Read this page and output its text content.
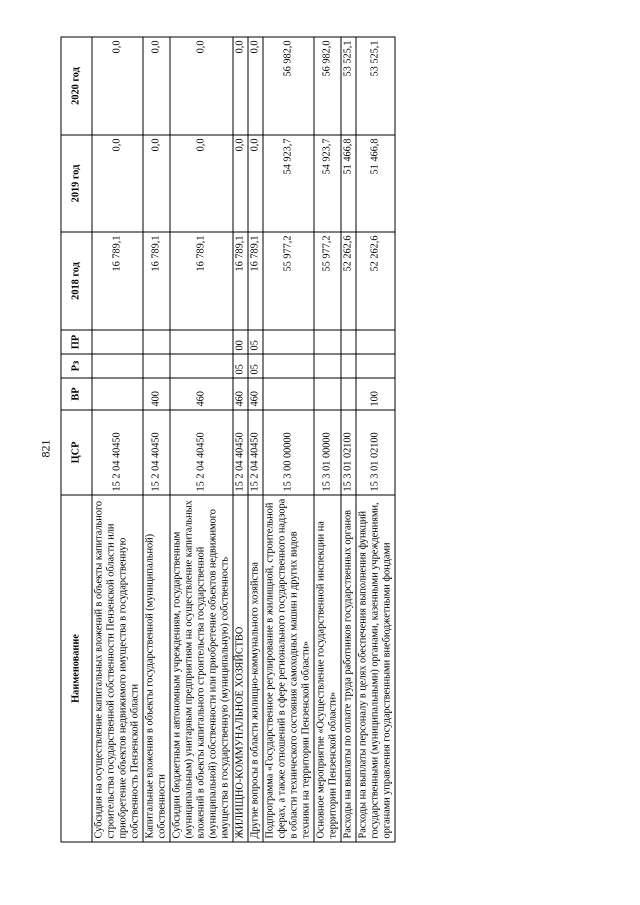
821
Наименование	ЦСР	ВР	Рз	ПР	2018 год	2019 год	2020 год
Субсидия на осуществление капитальных вложений в объекты капитального строительства государственной собственности Пензенской области или приобретение объектов недвижимого имущества в государственную собственность Пензенской области	15 2 04 40450				16 789,1	0,0	0,0
Капитальные вложения в объекты государственной (муниципальной) собственности	15 2 04 40450	400			16 789,1	0,0	0,0
Субсидии бюджетным и автономным учреждениям, государственным (муниципальным) унитарным предприятиям на осуществление капитальных вложений в объекты капитального строительства государственной (муниципальной) собственности или приобретение объектов недвижимого имущества в государственную (муниципальную) собственность	15 2 04 40450	460			16 789,1	0,0	0,0
ЖИЛИЩНО-КОММУНАЛЬНОЕ ХОЗЯЙСТВО	15 2 04 40450	460	05	00	16 789,1	0,0	0,0
Другие вопросы в области жилищно-коммунального хозяйства	15 2 04 40450	460	05	05	16 789,1	0,0	0,0
Подпрограмма «Государственное регулирование в жилищной, строительной сферах, а также отношений в сфере регионального государственного надзора в области технического состояния самоходных машин и других видов техники на территории Пензенской области»	15 3 00 00000				55 977,2	54 923,7	56 982,0
Основное мероприятие «Осуществление государственной инспекции на территории Пензенской области»	15 3 01 00000				55 977,2	54 923,7	56 982,0
Расходы на выплаты по оплате труда работников государственных органов	15 3 01 02100				52 262,6	51 466,8	53 525,1
Расходы на выплаты персоналу в целях обеспечения выполнения функций государственными (муниципальными) органами, казенными учреждениями, органами управления государственными внебюджетными фондами	15 3 01 02100	100			52 262,6	51 466,8	53 525,1
